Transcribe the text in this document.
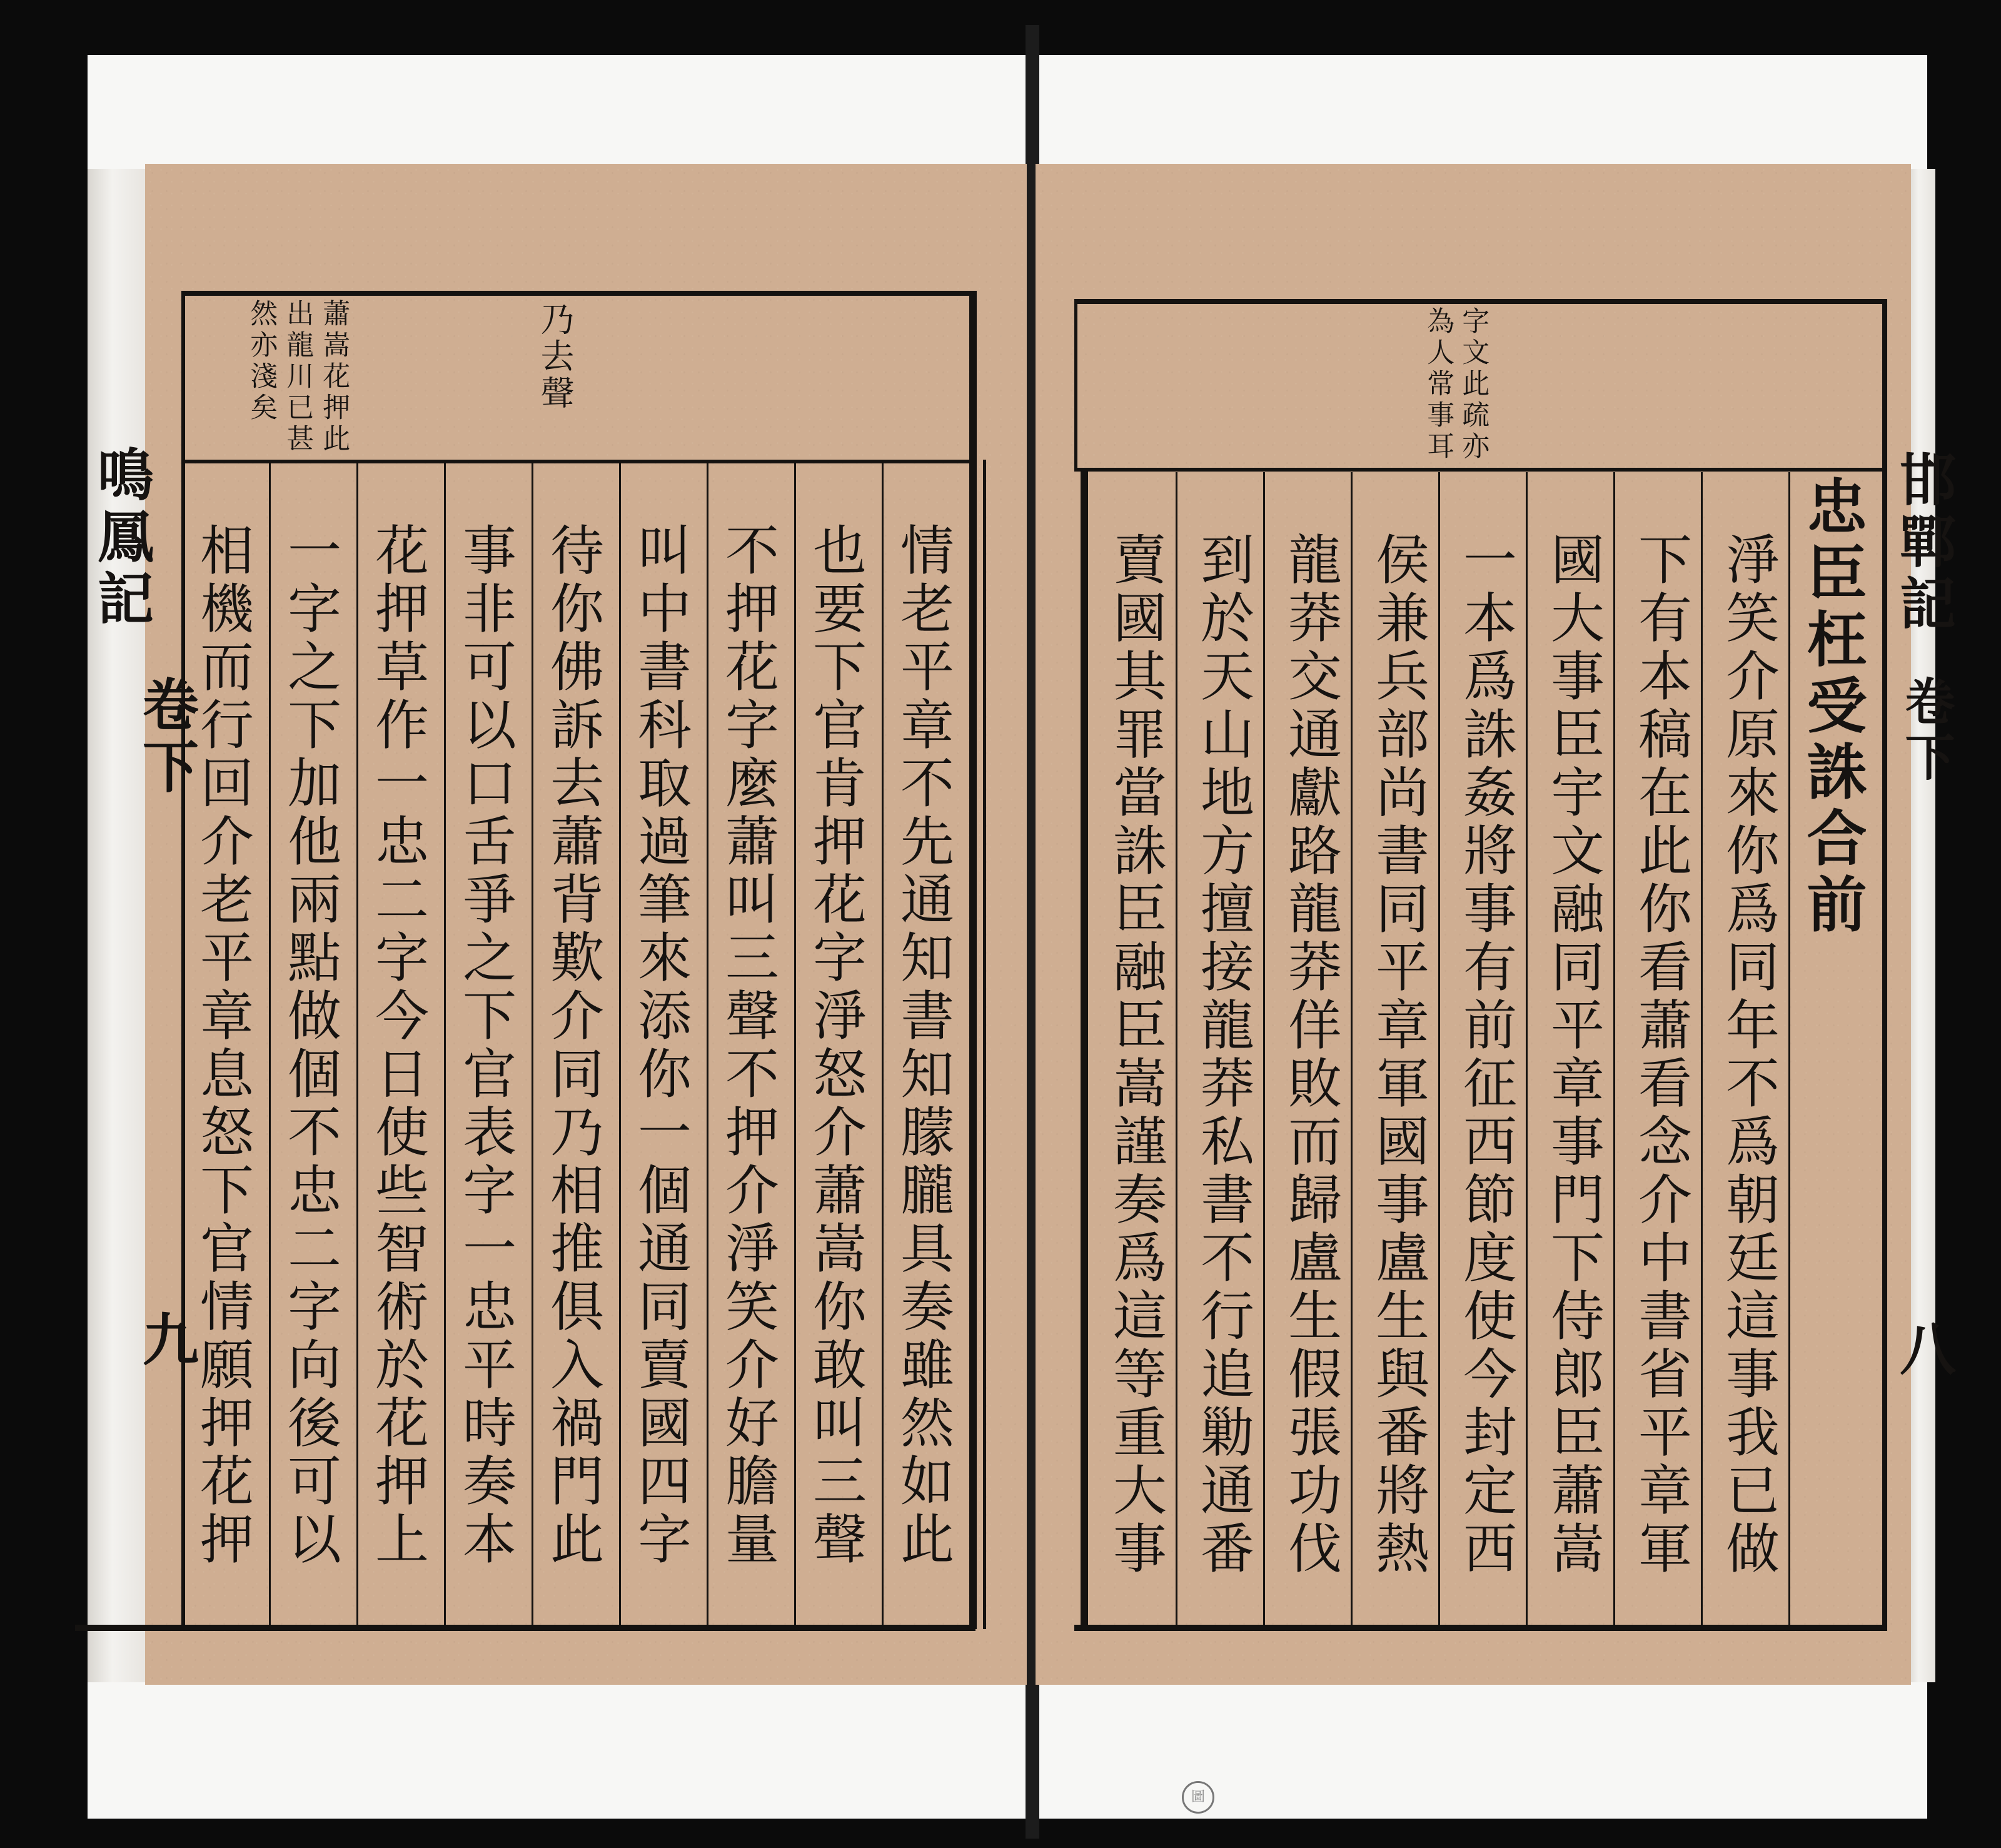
蕭嵩花押此
出龍川已甚
然亦淺矣	乃去聲
情老平章不先通知書知朦朧具奏雖然如此
也要下官肯押花字淨怒介蕭嵩你敢叫三聲
不押花字麼蕭叫三聲不押介淨笑介好膽量
叫中書科取過筆來添你一個通同賣國四字
待你佛訴去蕭背歎介同乃相推俱入禍門此
事非可以口舌爭之下官表字一忠平時奏本
花押草作一忠二字今日使些智術於花押上
一字之下加他兩點做個不忠二字向後可以
相機而行回介老平章息怒下官情願押花押
鳴鳳記
卷下
九
字文此疏亦
為人常事耳
忠臣枉受誅合前
淨笑介原來你爲同年不爲朝廷這事我已做
下有本稿在此你看蕭看念介中書省平章軍
國大事臣宇文融同平章事門下侍郎臣蕭嵩
一本爲誅姦將事有前征西節度使今封定西
侯兼兵部尚書同平章軍國事盧生與番將熱
龍莽交通獻路龍莽佯敗而歸盧生假張功伐
到於天山地方擅接龍莽私書不行追勦通番
賣國其罪當誅臣融臣嵩謹奏爲這等重大事	邯鄲記
卷下
八
圖
